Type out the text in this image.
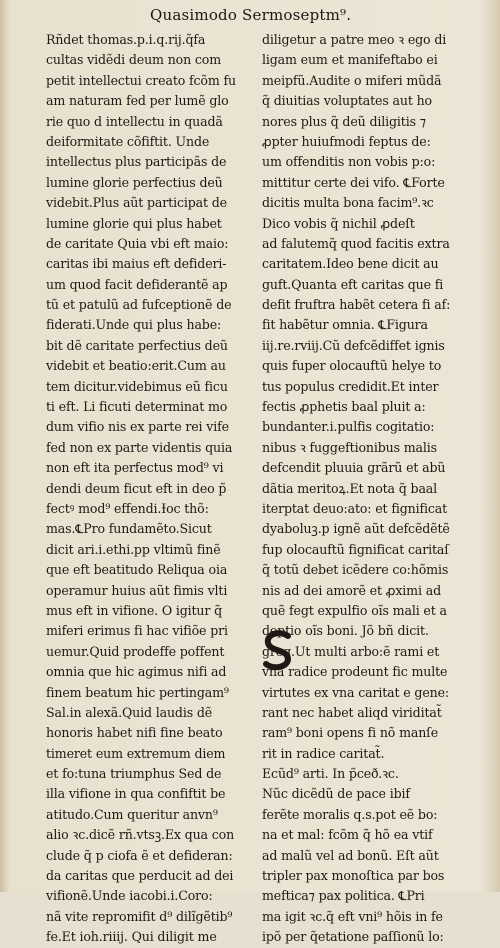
Quasimodo Sermoseptm⁹.
Rñdet thomas.p.i.q.rij.q̃fa
cultas vidẽdi deum non com
petit intellectui creato fcõm fu
am naturam fed per lumẽ glo
rie quo d intellectu in quadã
deiformitate cõfiftit. Unde
intellectus plus participãs de
lumine glorie perfectius deũ
videbit.Plus aũt participat de
lumine glorie qui plus habet
de caritate Quia vbi eft maio:
caritas ibi maius eft defideri-
um quod facit defiderantẽ ap
tũ et patulũ ad fufceptionẽ de
fiderati.Unde qui plus habe:
bit dẽ caritate perfectius deũ
videbit et beatio:erit.Cum au
tem dicitur.videbimus eũ ficu
ti eft. Li ficuti determinat mo
dum vifio nis ex parte rei vife
fed non ex parte videntis quia
non eft ita perfectus mod⁹ vi
dendi deum ficut eft in deo p̃
fectꝰ mod⁹ effendi.Ɨoc thõ:
mas.℄Pro fundamẽto.Sicut
dicit ari.i.ethi.pp vltimũ finẽ
que eft beatitudo Reliqua oia
operamur huius aũt fimis vlti
mus eft in vifione. O igitur q̃
miferi erimus fi hac vifiõe pri
uemur.Quid prodeffe poffent
omnia que hic agimus nifi ad
finem beatum hic pertingam⁹
Sal.in alexã.Quid laudis dẽ
honoris habet nifi fine beato
timeret eum extremum diem
et fo:tuna triumphus Sed de
illa vifione in qua confiftit be
atitudo.Cum queritur anvn⁹
alio ꝛc.dicẽ rñ.vtsꝫ.Ex qua con
clude q̃ p ciofa ẽ et defideran:
da caritas que perducit ad dei
vifionẽ.Unde iacobi.i.Coro:
nã vite repromifit d⁹ dilĩgẽtib⁹
fe.Et ioh.riiij. Qui diligit me
diligetur a patre meo ꝛ ego di
ligam eum et manifeftabo ei
meipfũ.Audite o miferi mũdã
q̃ diuitias voluptates aut ho
nores plus q̃ deũ diligitis ⁊
ꝓpter huiufmodi feptus de:
um offenditis non vobis p:o:
mittitur certe dei vifo. ℄Forte
dicitis multa bona facim⁹.ꝛc
Dico vobis q̃ nichil ꝓdeſt
ad falutemq̃ quod facitis extra
caritatem.Ideo bene dicit au
guft.Quanta eft caritas que fi
defit fruftra habẽt cetera fi af:
fit habẽtur omnia. ℄Figura
iij.re.rviij.Cũ defcẽdiffet ignis
quis fuper olocauftũ helye to
tus populus credidit.Et inter
fectis ꝓphetis baal pluit a:
bundanter.i.pulfis cogitatio:
nibus ꝛ fuggeftionibus malis
defcendit pluuia grãrũ et abũ
dãtia meritoꝝ.Et nota q̃ baal
iterptat deuo:ato: et fignificat
dyaboluꝫ.p ignẽ aũt defcẽdẽtẽ
fup olocauftũ fignificat caritaſ
q̃ totũ debet icẽdere co:hõmis
nis ad dei amorẽ et ꝓximi ad
quẽ fegt expulfio oĩs mali et a
deptio oĩs boni. Jõ bñ dicit.
greg.Ut multi arbo:ẽ rami et
vna radice prodeunt fic multe
virtutes ex vna caritat e gene:
rant nec habet aliqd viriditat̃
ram⁹ boni opens fi nõ manſe
rit in radice caritat̃.
Ecũd⁹ arti. In p̃ceð.ꝛc.
Nũc dicẽdũ de pace ibif
ferẽte moralis q.s.pot eẽ bo:
na et mal: fcõm q̃ hõ ea vtif
ad malũ vel ad bonũ. Eſt aũt
tripler pax monoſtica par bos
meftica⁊ pax politica. ℄Pri
ma igit ꝛc.q̃ eft vni⁹ hõis in fe
ipõ per q̃etatione paſſionũ lo:
